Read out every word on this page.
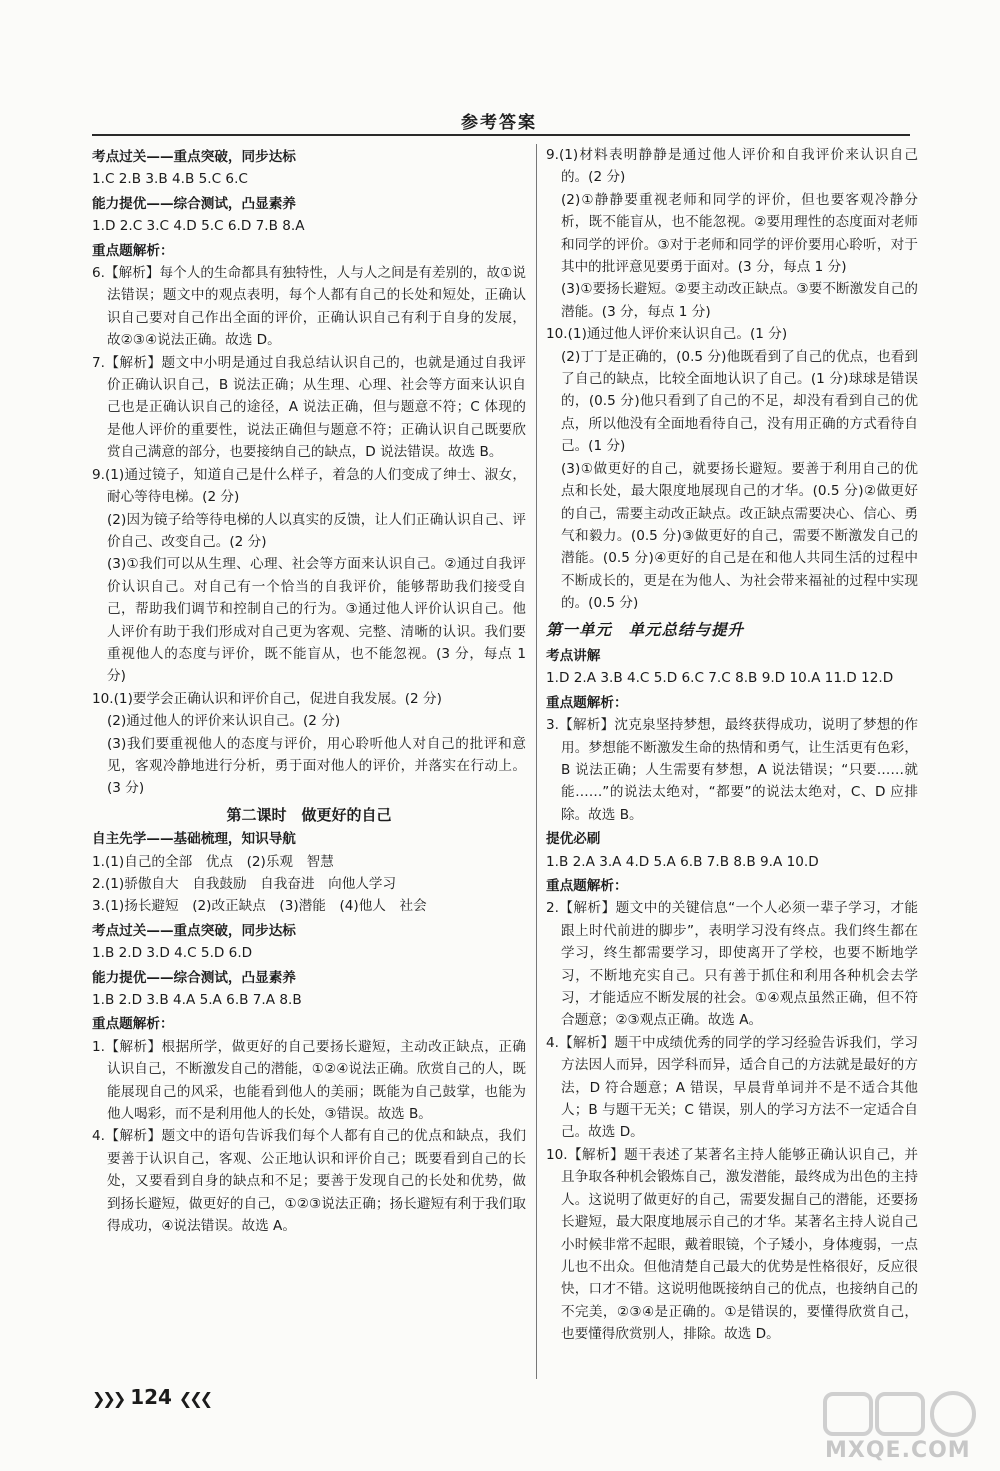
参考答案

考点过关——重点突破，同步达标

1.C 2.B 3.B 4.B 5.C 6.C

能力提优——综合测试，凸显素养

1.D 2.C 3.C 4.D 5.C 6.D 7.B 8.A

重点题解析：

6.【解析】每个人的生命都具有独特性，人与人之间是有差别的，故①说法错误；题文中的观点表明，每个人都有自己的长处和短处，正确认识自己要对自己作出全面的评价，正确认识自己有利于自身的发展，故②③④说法正确。故选 D。

7.【解析】题文中小明是通过自我总结认识自己的，也就是通过自我评价正确认识自己，B 说法正确；从生理、心理、社会等方面来认识自己也是正确认识自己的途径，A 说法正确，但与题意不符；C 体现的是他人评价的重要性，说法正确但与题意不符；正确认识自己既要欣赏自己满意的部分，也要接纳自己的缺点，D 说法错误。故选 B。

9.(1)通过镜子，知道自己是什么样子，着急的人们变成了绅士、淑女，耐心等待电梯。(2 分)

(2)因为镜子给等待电梯的人以真实的反馈，让人们正确认识自己、评价自己、改变自己。(2 分)

(3)①我们可以从生理、心理、社会等方面来认识自己。②通过自我评价认识自己。对自己有一个恰当的自我评价，能够帮助我们接受自己，帮助我们调节和控制自己的行为。③通过他人评价认识自己。他人评价有助于我们形成对自己更为客观、完整、清晰的认识。我们要重视他人的态度与评价，既不能盲从，也不能忽视。(3 分，每点 1 分)

10.(1)要学会正确认识和评价自己，促进自我发展。(2 分)

(2)通过他人的评价来认识自己。(2 分)

(3)我们要重视他人的态度与评价，用心聆听他人对自己的批评和意见，客观冷静地进行分析，勇于面对他人的评价，并落实在行动上。(3 分)

第二课时　做更好的自己

自主先学——基础梳理，知识导航

1.(1)自己的全部　优点　(2)乐观　智慧

2.(1)骄傲自大　自我鼓励　自我奋进　向他人学习

3.(1)扬长避短　(2)改正缺点　(3)潜能　(4)他人　社会

考点过关——重点突破，同步达标

1.B 2.D 3.D 4.C 5.D 6.D

能力提优——综合测试，凸显素养

1.B 2.D 3.B 4.A 5.A 6.B 7.A 8.B

重点题解析：

1.【解析】根据所学，做更好的自己要扬长避短，主动改正缺点，正确认识自己，不断激发自己的潜能，①②④说法正确。欣赏自己的人，既能展现自己的风采，也能看到他人的美丽；既能为自己鼓掌，也能为他人喝彩，而不是利用他人的长处，③错误。故选 B。

4.【解析】题文中的语句告诉我们每个人都有自己的优点和缺点，我们要善于认识自己，客观、公正地认识和评价自己；既要看到自己的长处，又要看到自身的缺点和不足；要善于发现自己的长处和优势，做到扬长避短，做更好的自己，①②③说法正确；扬长避短有利于我们取得成功，④说法错误。故选 A。

9.(1)材料表明静静是通过他人评价和自我评价来认识自己的。(2 分)

(2)①静静要重视老师和同学的评价，但也要客观冷静分析，既不能盲从，也不能忽视。②要用理性的态度面对老师和同学的评价。③对于老师和同学的评价要用心聆听，对于其中的批评意见要勇于面对。(3 分，每点 1 分)

(3)①要扬长避短。②要主动改正缺点。③要不断激发自己的潜能。(3 分，每点 1 分)

10.(1)通过他人评价来认识自己。(1 分)

(2)丁丁是正确的，(0.5 分)他既看到了自己的优点，也看到了自己的缺点，比较全面地认识了自己。(1 分)球球是错误的，(0.5 分)他只看到了自己的不足，却没有看到自己的优点，所以他没有全面地看待自己，没有用正确的方式看待自己。(1 分)

(3)①做更好的自己，就要扬长避短。要善于利用自己的优点和长处，最大限度地展现自己的才华。(0.5 分)②做更好的自己，需要主动改正缺点。改正缺点需要决心、信心、勇气和毅力。(0.5 分)③做更好的自己，需要不断激发自己的潜能。(0.5 分)④更好的自己是在和他人共同生活的过程中不断成长的，更是在为他人、为社会带来福祉的过程中实现的。(0.5 分)

第一单元　单元总结与提升

考点讲解

1.D 2.A 3.B 4.C 5.D 6.C 7.C 8.B 9.D 10.A 11.D 12.D

重点题解析：

3.【解析】沈克泉坚持梦想，最终获得成功，说明了梦想的作用。梦想能不断激发生命的热情和勇气，让生活更有色彩，B 说法正确；人生需要有梦想，A 说法错误；“只要……就能……”的说法太绝对，“都要”的说法太绝对，C、D 应排除。故选 B。

提优必刷

1.B 2.A 3.A 4.D 5.A 6.B 7.B 8.B 9.A 10.D

重点题解析：

2.【解析】题文中的关键信息“一个人必须一辈子学习，才能跟上时代前进的脚步”，表明学习没有终点。我们终生都在学习，终生都需要学习，即使离开了学校，也要不断地学习，不断地充实自己。只有善于抓住和利用各种机会去学习，才能适应不断发展的社会。①④观点虽然正确，但不符合题意；②③观点正确。故选 A。

4.【解析】题干中成绩优秀的同学的学习经验告诉我们，学习方法因人而异，因学科而异，适合自己的方法就是最好的方法，D 符合题意；A 错误，早晨背单词并不是不适合其他人；B 与题干无关；C 错误，别人的学习方法不一定适合自己。故选 D。

10.【解析】题干表述了某著名主持人能够正确认识自己，并且争取各种机会锻炼自己，激发潜能，最终成为出色的主持人。这说明了做更好的自己，需要发掘自己的潜能，还要扬长避短，最大限度地展示自己的才华。某著名主持人说自己小时候非常不起眼，戴着眼镜，个子矮小，身体瘦弱，一点儿也不出众。但他清楚自己最大的优势是性格很好，反应很快，口才不错。这说明他既接纳自己的优点，也接纳自己的不完美，②③④是正确的。①是错误的，要懂得欣赏自己，也要懂得欣赏别人，排除。故选 D。

❯❯❯ 124 ❮❮❮
MXQE.COM
